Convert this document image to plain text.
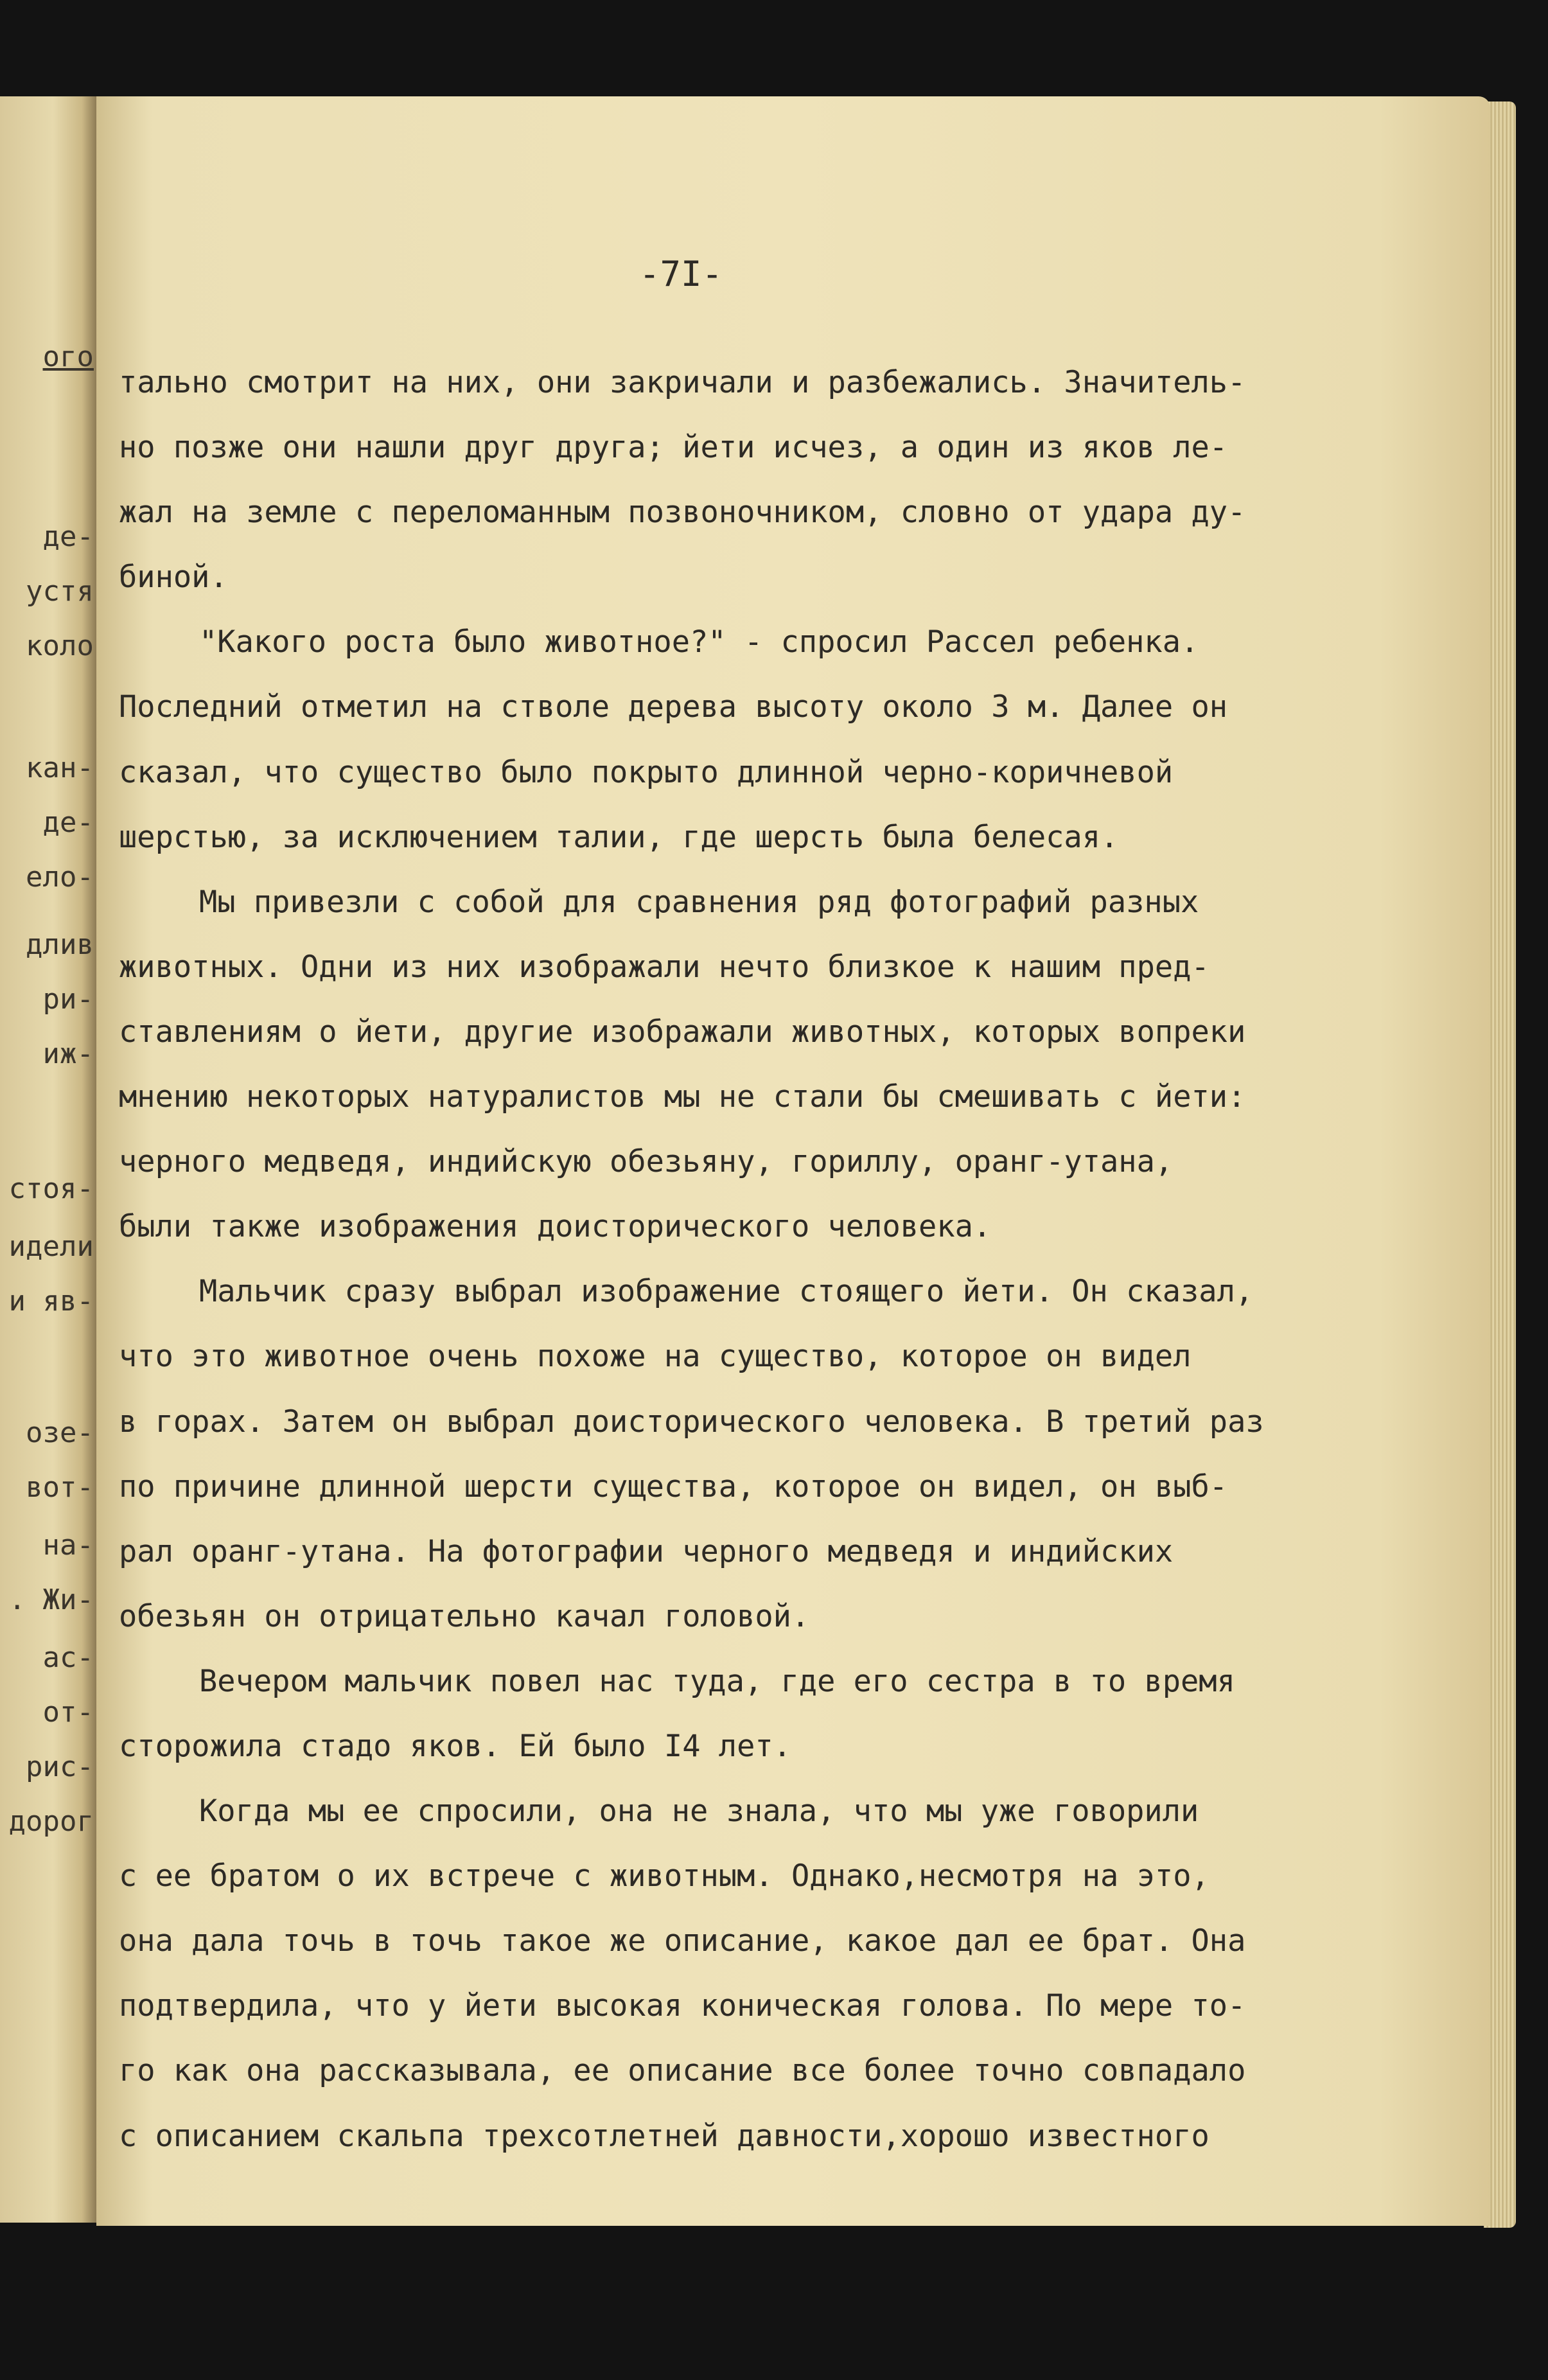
ого
де-
устя
коло
кан-
де-
ело-
длив
ри-
иж-
стоя-
идели
и яв-
озе-
вот-
на-
. Жи-
ас-
от-
рис-
дорог
-7I-
тально смотрит на них, они закричали и разбежались. Значитель-
но позже они нашли друг друга; йети исчез, а один из яков ле-
жал на земле с переломанным позвоночником, словно от удара ду-
биной.
"Какого роста было животное?" - спросил Рассел ребенка.
Последний отметил на стволе дерева высоту около 3 м. Далее он
сказал, что существо было покрыто длинной черно-коричневой
шерстью, за исключением талии, где шерсть была белесая.
Мы привезли с собой для сравнения ряд фотографий разных
животных. Одни из них изображали нечто близкое к нашим пред-
ставлениям о йети, другие изображали животных, которых вопреки
мнению некоторых натуралистов мы не стали бы смешивать с йети:
черного медведя, индийскую обезьяну, гориллу, оранг-утана,
были также изображения доисторического человека.
Мальчик сразу выбрал изображение стоящего йети. Он сказал,
что это животное очень похоже на существо, которое он видел
в горах. Затем он выбрал доисторического человека. В третий раз
по причине длинной шерсти существа, которое он видел, он выб-
рал оранг-утана. На фотографии черного медведя и индийских
обезьян он отрицательно качал головой.
Вечером мальчик повел нас туда, где его сестра в то время
сторожила стадо яков. Ей было I4 лет.
Когда мы ее спросили, она не знала, что мы уже говорили
с ее братом о их встрече с животным. Однако,несмотря на это,
она дала точь в точь такое же описание, какое дал ее брат. Она
подтвердила, что у йети высокая коническая голова. По мере то-
го как она рассказывала, ее описание все более точно совпадало
с описанием скальпа трехсотлетней давности,хорошо известного
